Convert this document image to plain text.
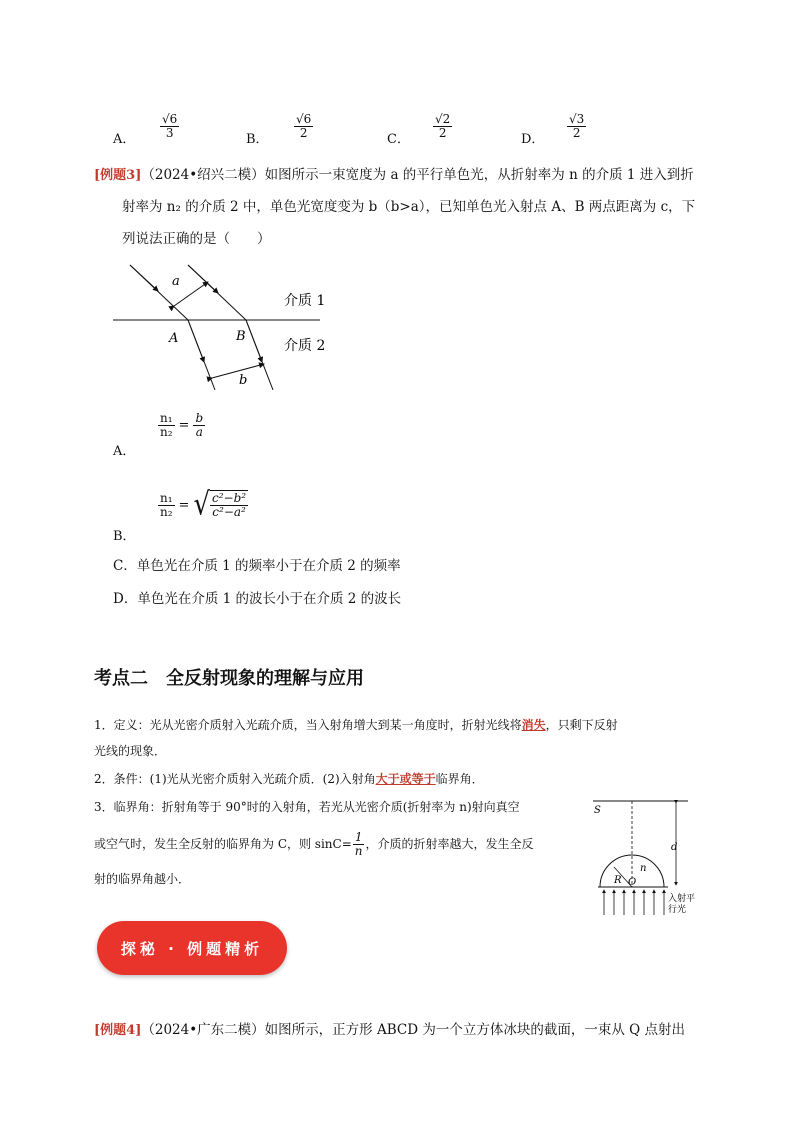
A． $\frac{√6}{3}$	B． $\frac{√6}{2}$	C． $\frac{√2}{2}$	D． $\frac{√3}{2}$
[例题3]（2024•绍兴二模）如图所示一束宽度为 a 的平行单色光，从折射率为 n 的介质 1 进入到折
射率为 n₂ 的介质 2 中，单色光宽度变为 b（b>a），已知单色光入射点 A、B 两点距离为 c，下
列说法正确的是（　　）
a
A	B
b
介质 1
介质 2
A．
$\frac{\text{n₁}}{\text{n₂}} = \frac{b}{a}$
B．
$\frac{\text{n₁}}{\text{n₂}}$ = √ $\frac{\text{c²−b²}}{\text{c²−a²}}$
C．单色光在介质 1 的频率小于在介质 2 的频率
D．单色光在介质 1 的波长小于在介质 2 的波长
考点二　全反射现象的理解与应用
1．定义：光从光密介质射入光疏介质，当入射角增大到某一角度时，折射光线将消失，只剩下反射
光线的现象．
2．条件：(1)光从光密介质射入光疏介质．(2)入射角大于或等于临界角．
3．临界角：折射角等于 90°时的入射角，若光从光密介质(折射率为 n)射向真空
或空气时，发生全反射的临界角为 C，则 $\sin C= \frac{1}{n}$ ，介质的折射率越大，发生全反
射的临界角越小．
S
d
R O
n
入射平
行光
探秘 · 例题精析
[例题4]（2024•广东二模）如图所示，正方形 ABCD 为一个立方体冰块的截面，一束从 Q 点射出
